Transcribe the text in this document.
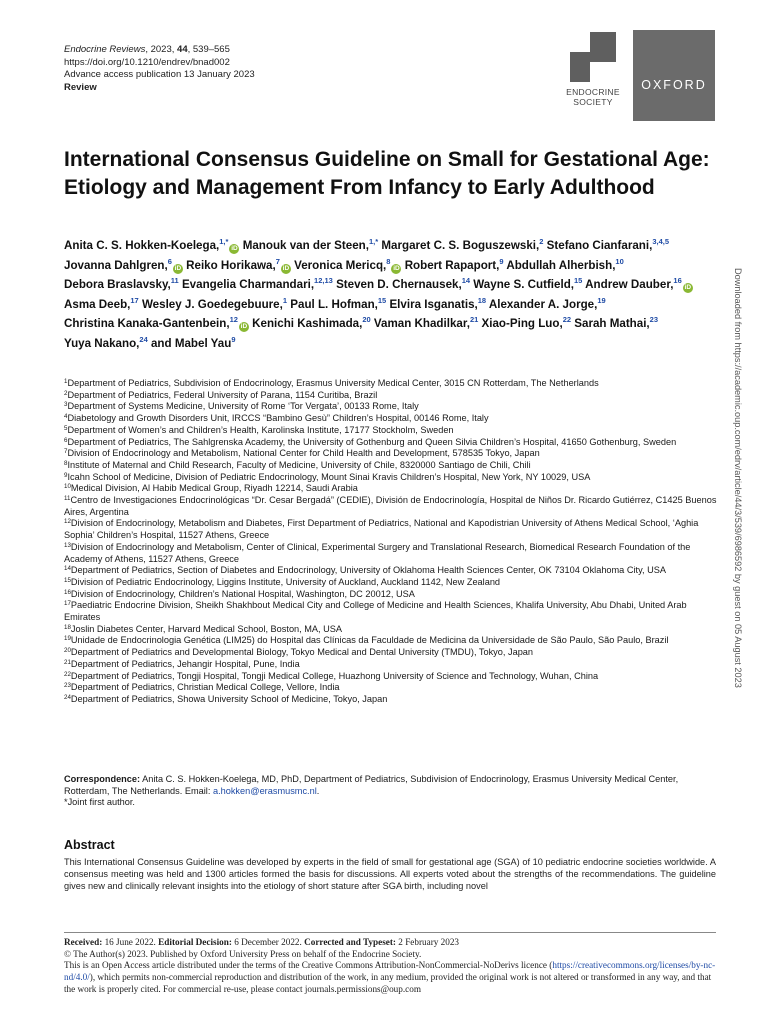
Endocrine Reviews, 2023, 44, 539–565
https://doi.org/10.1210/endrev/bnad002
Advance access publication 13 January 2023
Review	ENDOCRINE
SOCIETY
OXFORD
Downloaded from https://academic.oup.com/edrv/article/44/3/539/6986592 by guest on 05 August 2023
International Consensus Guideline on Small for Gestational Age: Etiology and Management From Infancy to Early Adulthood
Anita C. S. Hokken-Koelega,$^{1,*}$iD Manouk van der Steen,$^{1,*}$ Margaret C. S. Boguszewski,$^2$ Stefano Cianfarani,$^{3,4,5}$ Jovanna Dahlgren,$^6$iD Reiko Horikawa,$^7$iD Veronica Mericq,$^8$iD Robert Rapaport,$^9$ Abdullah Alherbish,$^{10}$ Debora Braslavsky,$^{11}$ Evangelia Charmandari,$^{12,13}$ Steven D. Chernausek,$^{14}$ Wayne S. Cutfield,$^{15}$ Andrew Dauber,$^{16}$iD Asma Deeb,$^{17}$ Wesley J. Goedegebuure,$^1$ Paul L. Hofman,$^{15}$ Elvira Isganatis,$^{18}$ Alexander A. Jorge,$^{19}$ Christina Kanaka-Gantenbein,$^{12}$iD Kenichi Kashimada,$^{20}$ Vaman Khadilkar,$^{21}$ Xiao-Ping Luo,$^{22}$ Sarah Mathai,$^{23}$ Yuya Nakano,$^{24}$ and Mabel Yau$^9$
$^1$Department of Pediatrics, Subdivision of Endocrinology, Erasmus University Medical Center, 3015 CN Rotterdam, The Netherlands
$^2$Department of Pediatrics, Federal University of Parana, 1154 Curitiba, Brazil
$^3$Department of Systems Medicine, University of Rome ‘Tor Vergata’, 00133 Rome, Italy
$^4$Diabetology and Growth Disorders Unit, IRCCS “Bambino Gesù” Children’s Hospital, 00146 Rome, Italy
$^5$Department of Women’s and Children’s Health, Karolinska Institute, 17177 Stockholm, Sweden
$^6$Department of Pediatrics, The Sahlgrenska Academy, the University of Gothenburg and Queen Silvia Children’s Hospital, 41650 Gothenburg, Sweden
$^7$Division of Endocrinology and Metabolism, National Center for Child Health and Development, 578535 Tokyo, Japan
$^8$Institute of Maternal and Child Research, Faculty of Medicine, University of Chile, 8320000 Santiago de Chili, Chili
$^9$Icahn School of Medicine, Division of Pediatric Endocrinology, Mount Sinai Kravis Children’s Hospital, New York, NY 10029, USA
$^{10}$Medical Division, Al Habib Medical Group, Riyadh 12214, Saudi Arabia
$^{11}$Centro de Investigaciones Endocrinológicas “Dr. Cesar Bergadá” (CEDIE), División de Endocrinología, Hospital de Niños Dr. Ricardo Gutiérrez, C1425 Buenos Aires, Argentina
$^{12}$Division of Endocrinology, Metabolism and Diabetes, First Department of Pediatrics, National and Kapodistrian University of Athens Medical School, ‘Aghia Sophia’ Children’s Hospital, 11527 Athens, Greece
$^{13}$Division of Endocrinology and Metabolism, Center of Clinical, Experimental Surgery and Translational Research, Biomedical Research Foundation of the Academy of Athens, 11527 Athens, Greece
$^{14}$Department of Pediatrics, Section of Diabetes and Endocrinology, University of Oklahoma Health Sciences Center, OK 73104 Oklahoma City, USA
$^{15}$Division of Pediatric Endocrinology, Liggins Institute, University of Auckland, Auckland 1142, New Zealand
$^{16}$Division of Endocrinology, Children’s National Hospital, Washington, DC 20012, USA
$^{17}$Paediatric Endocrine Division, Sheikh Shakhbout Medical City and College of Medicine and Health Sciences, Khalifa University, Abu Dhabi, United Arab Emirates
$^{18}$Joslin Diabetes Center, Harvard Medical School, Boston, MA, USA
$^{19}$Unidade de Endocrinologia Genética (LIM25) do Hospital das Clínicas da Faculdade de Medicina da Universidade de São Paulo, São Paulo, Brazil
$^{20}$Department of Pediatrics and Developmental Biology, Tokyo Medical and Dental University (TMDU), Tokyo, Japan
$^{21}$Department of Pediatrics, Jehangir Hospital, Pune, India
$^{22}$Department of Pediatrics, Tongji Hospital, Tongji Medical College, Huazhong University of Science and Technology, Wuhan, China
$^{23}$Department of Pediatrics, Christian Medical College, Vellore, India
$^{24}$Department of Pediatrics, Showa University School of Medicine, Tokyo, Japan
Correspondence: Anita C. S. Hokken-Koelega, MD, PhD, Department of Pediatrics, Subdivision of Endocrinology, Erasmus University Medical Center, Rotterdam, The Netherlands. Email: a.hokken@erasmusmc.nl.
*Joint first author.
Abstract

This International Consensus Guideline was developed by experts in the field of small for gestational age (SGA) of 10 pediatric endocrine societies worldwide. A consensus meeting was held and 1300 articles formed the basis for discussions. All experts voted about the strengths of the recommendations. The guideline gives new and clinically relevant insights into the etiology of short stature after SGA birth, including novel

Received: 16 June 2022. Editorial Decision: 6 December 2022. Corrected and Typeset: 2 February 2023
© The Author(s) 2023. Published by Oxford University Press on behalf of the Endocrine Society.
This is an Open Access article distributed under the terms of the Creative Commons Attribution-NonCommercial-NoDerivs licence (https://creativecommons.org/licenses/by-nc-nd/4.0/), which permits non-commercial reproduction and distribution of the work, in any medium, provided the original work is not altered or transformed in any way, and that the work is properly cited. For commercial re-use, please contact journals.permissions@oup.com
